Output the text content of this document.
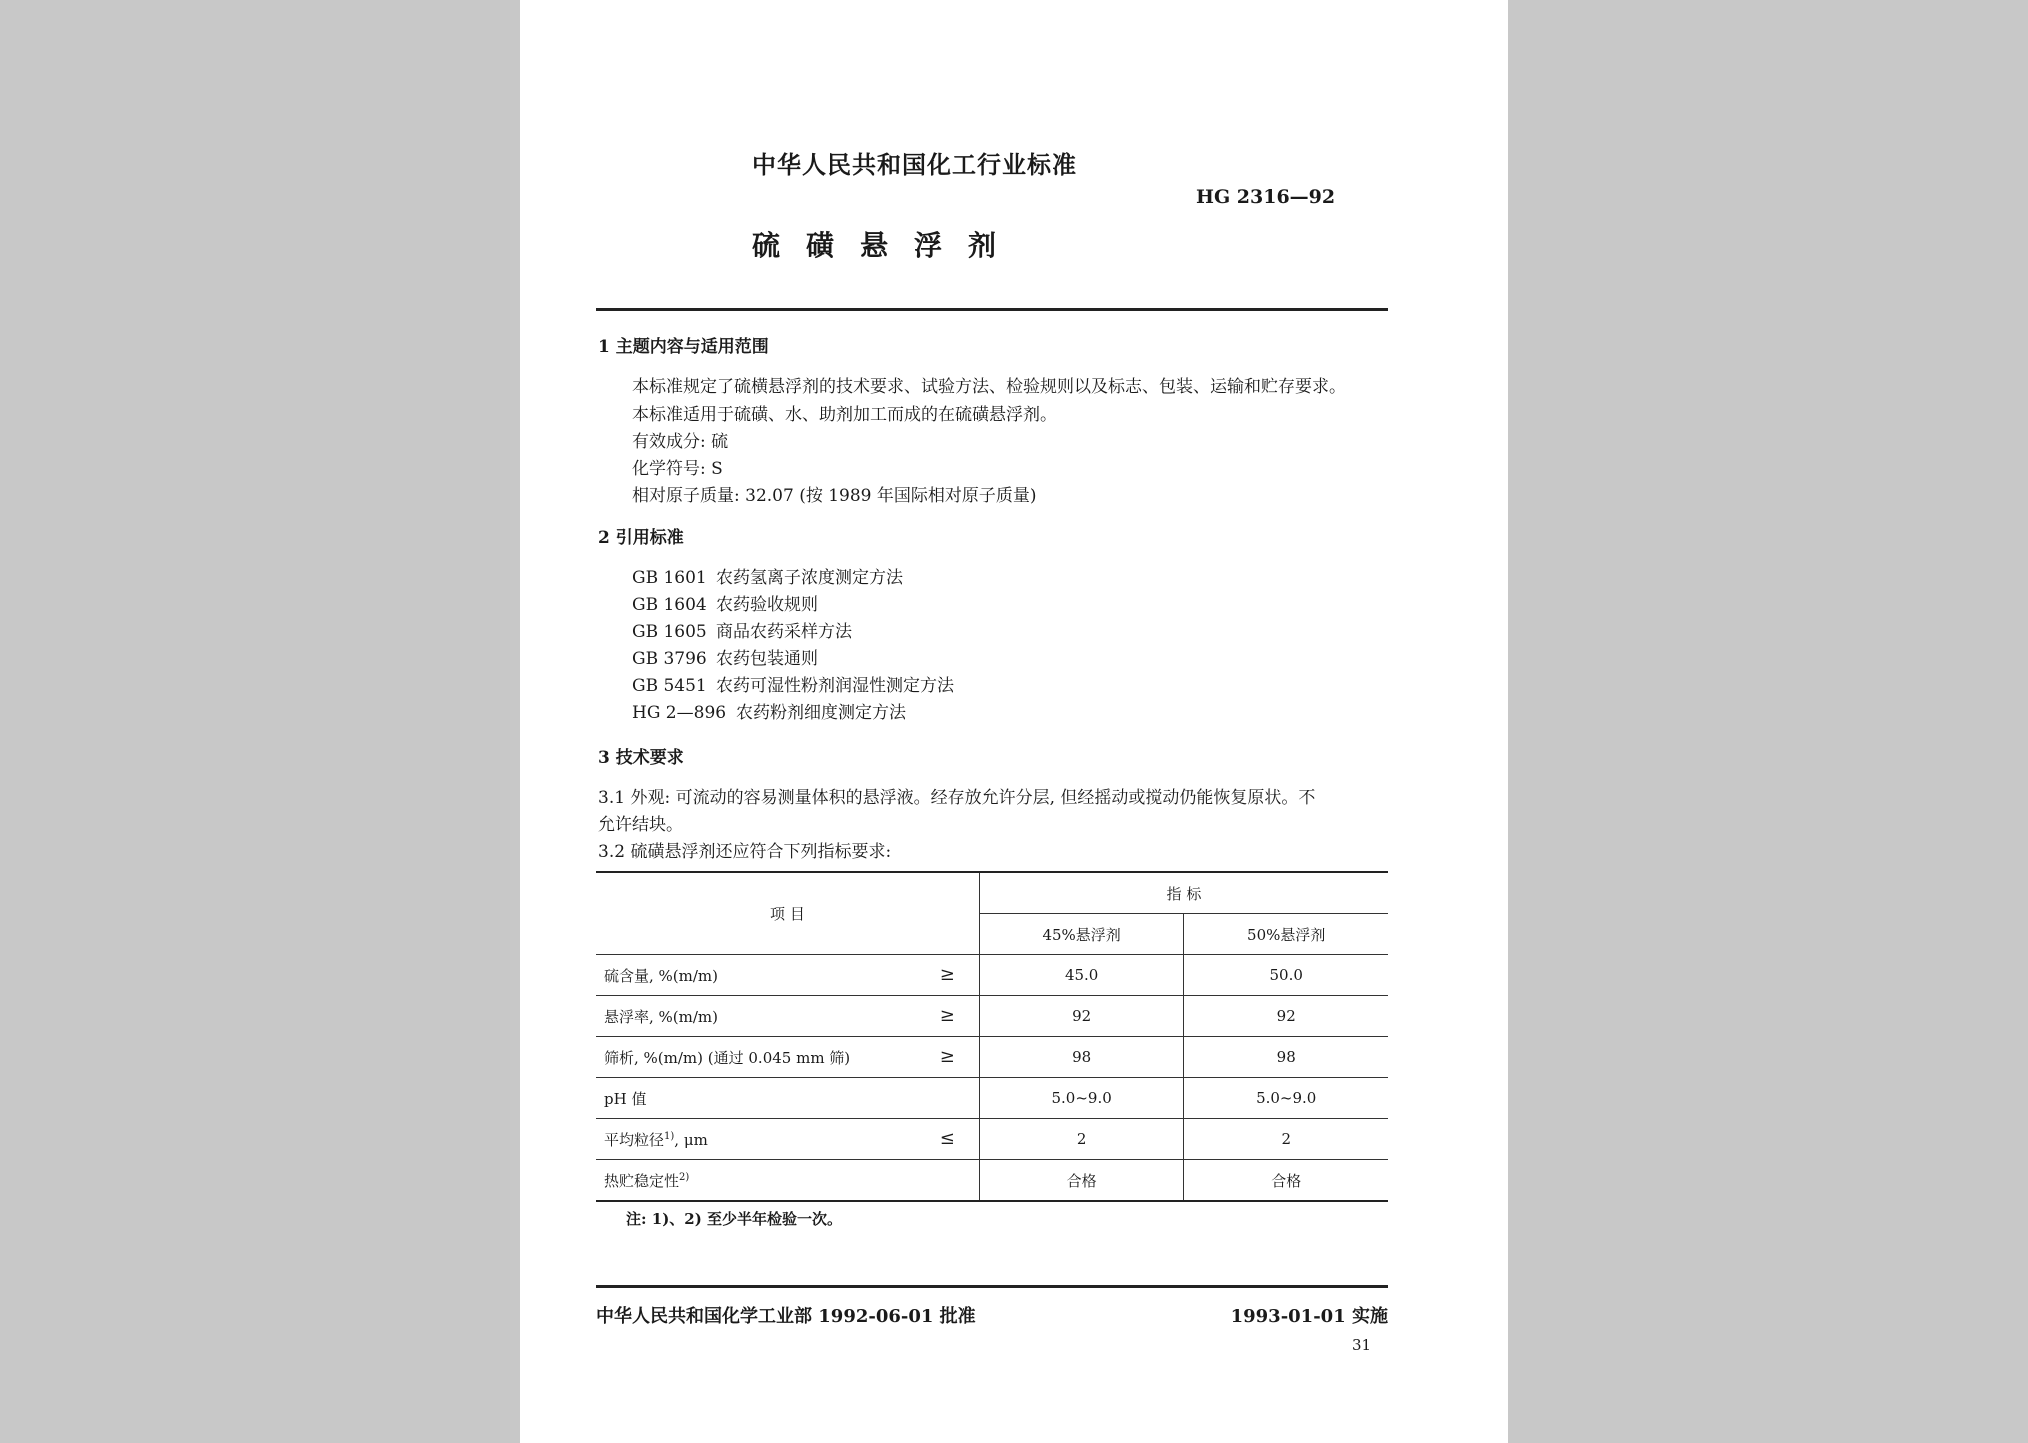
中华人民共和国化工行业标准
HG 2316—92
硫磺悬浮剂
1 主题内容与适用范围
本标准规定了硫横悬浮剂的技术要求、试验方法、检验规则以及标志、包装、运输和贮存要求。
本标准适用于硫磺、水、助剂加工而成的在硫磺悬浮剂。
有效成分: 硫
化学符号: S
相对原子质量: 32.07 (按 1989 年国际相对原子质量)
2 引用标准
GB 1601 农药氢离子浓度测定方法
GB 1604 农药验收规则
GB 1605 商品农药采样方法
GB 3796 农药包装通则
GB 5451 农药可湿性粉剂润湿性测定方法
HG 2—896 农药粉剂细度测定方法
3 技术要求
3.1 外观: 可流动的容易测量体积的悬浮液。经存放允许分层, 但经摇动或搅动仍能恢复原状。不
允许结块。
3.2 硫磺悬浮剂还应符合下列指标要求:
项 目	指 标	
	45%悬浮剂	50%悬浮剂
硫含量, %(m/m) ≥	45.0	50.0
悬浮率, %(m/m) ≥	92	92
筛析, %(m/m) (通过 0.045 mm 筛) ≥	98	98
pH 值	5.0~9.0	5.0~9.0
平均粒径$^{1)}$, μm ≤	2	2
热贮稳定性$^{2)}$	合格	合格
注: 1)、2) 至少半年检验一次。
中华人民共和国化学工业部 1992-06-01 批准	1993-01-01 实施
31
